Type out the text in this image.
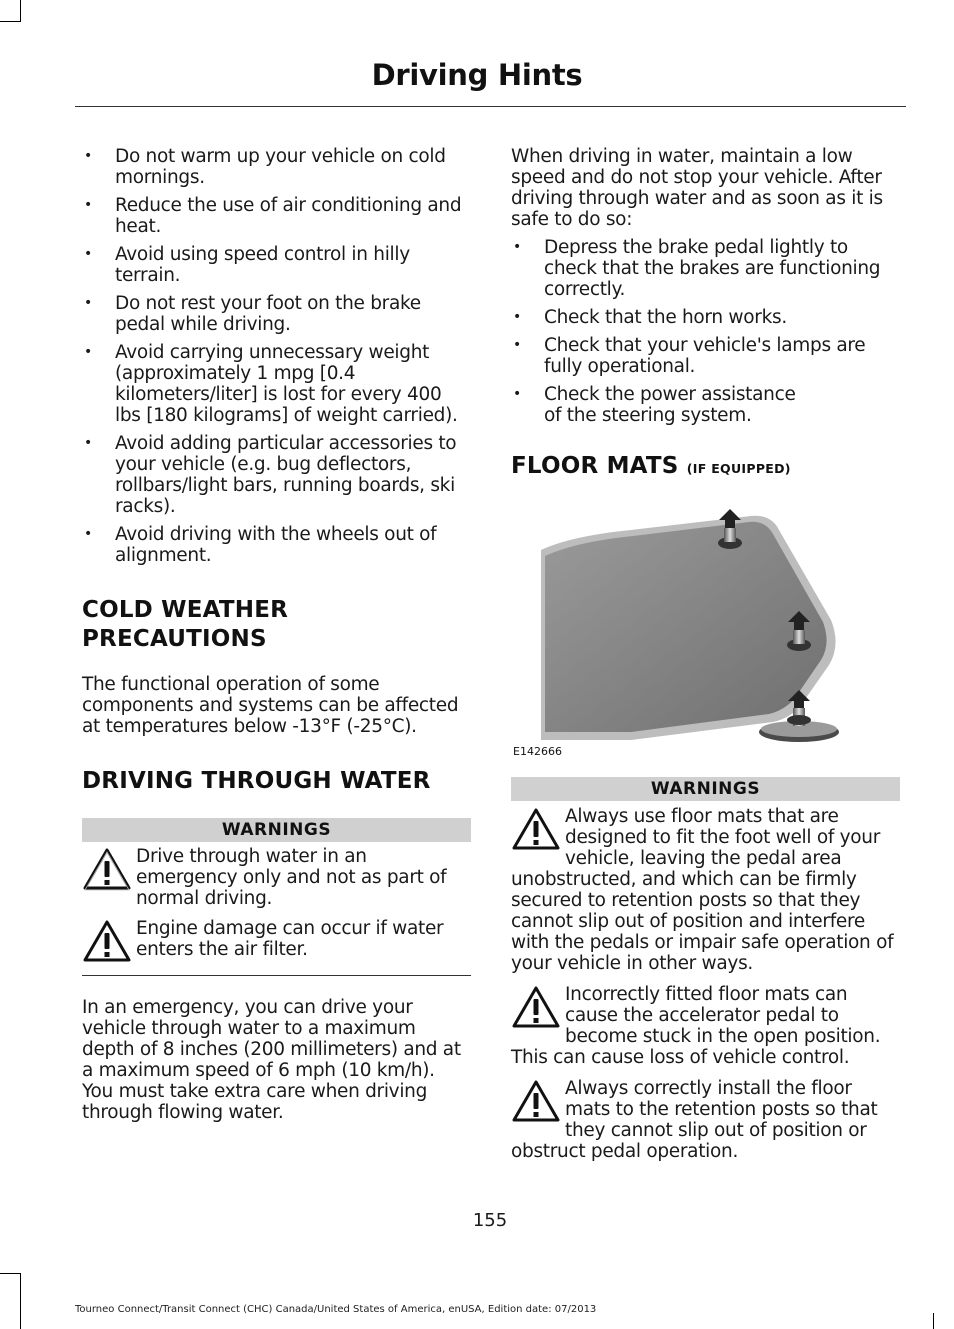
Driving Hints
• Do not warm up your vehicle on cold mornings.
• Reduce the use of air conditioning and heat.
• Avoid using speed control in hilly terrain.
• Do not rest your foot on the brake pedal while driving.
• Avoid carrying unnecessary weight (approximately 1 mpg [0.4 kilometers/liter] is lost for every 400 lbs [180 kilograms] of weight carried).
• Avoid adding particular accessories to your vehicle (e.g. bug deflectors, rollbars/light bars, running boards, ski racks).
• Avoid driving with the wheels out of alignment.
COLD WEATHER PRECAUTIONS

The functional operation of some components and systems can be affected at temperatures below -13°F (-25°C).

DRIVING THROUGH WATER
WARNINGS

Drive through water in an emergency only and not as part of normal driving.

Engine damage can occur if water enters the air filter.

In an emergency, you can drive your vehicle through water to a maximum depth of 8 inches (200 millimeters) and at a maximum speed of 6 mph (10 km/h). You must take extra care when driving through flowing water.

When driving in water, maintain a low speed and do not stop your vehicle. After driving through water and as soon as it is safe to do so:

• Depress the brake pedal lightly to check that the brakes are functioning correctly.
• Check that the horn works.
• Check that your vehicle's lamps are fully operational.
• Check the power assistance of the steering system.
FLOOR MATS (IF EQUIPPED)
E142666
WARNINGS

Always use floor mats that are designed to fit the foot well of your vehicle, leaving the pedal area unobstructed, and which can be firmly secured to retention posts so that they cannot slip out of position and interfere with the pedals or impair safe operation of your vehicle in other ways.

Incorrectly fitted floor mats can cause the accelerator pedal to become stuck in the open position. This can cause loss of vehicle control.

Always correctly install the floor mats to the retention posts so that they cannot slip out of position or obstruct pedal operation.

155
Tourneo Connect/Transit Connect (CHC) Canada/United States of America, enUSA, Edition date: 07/2013
